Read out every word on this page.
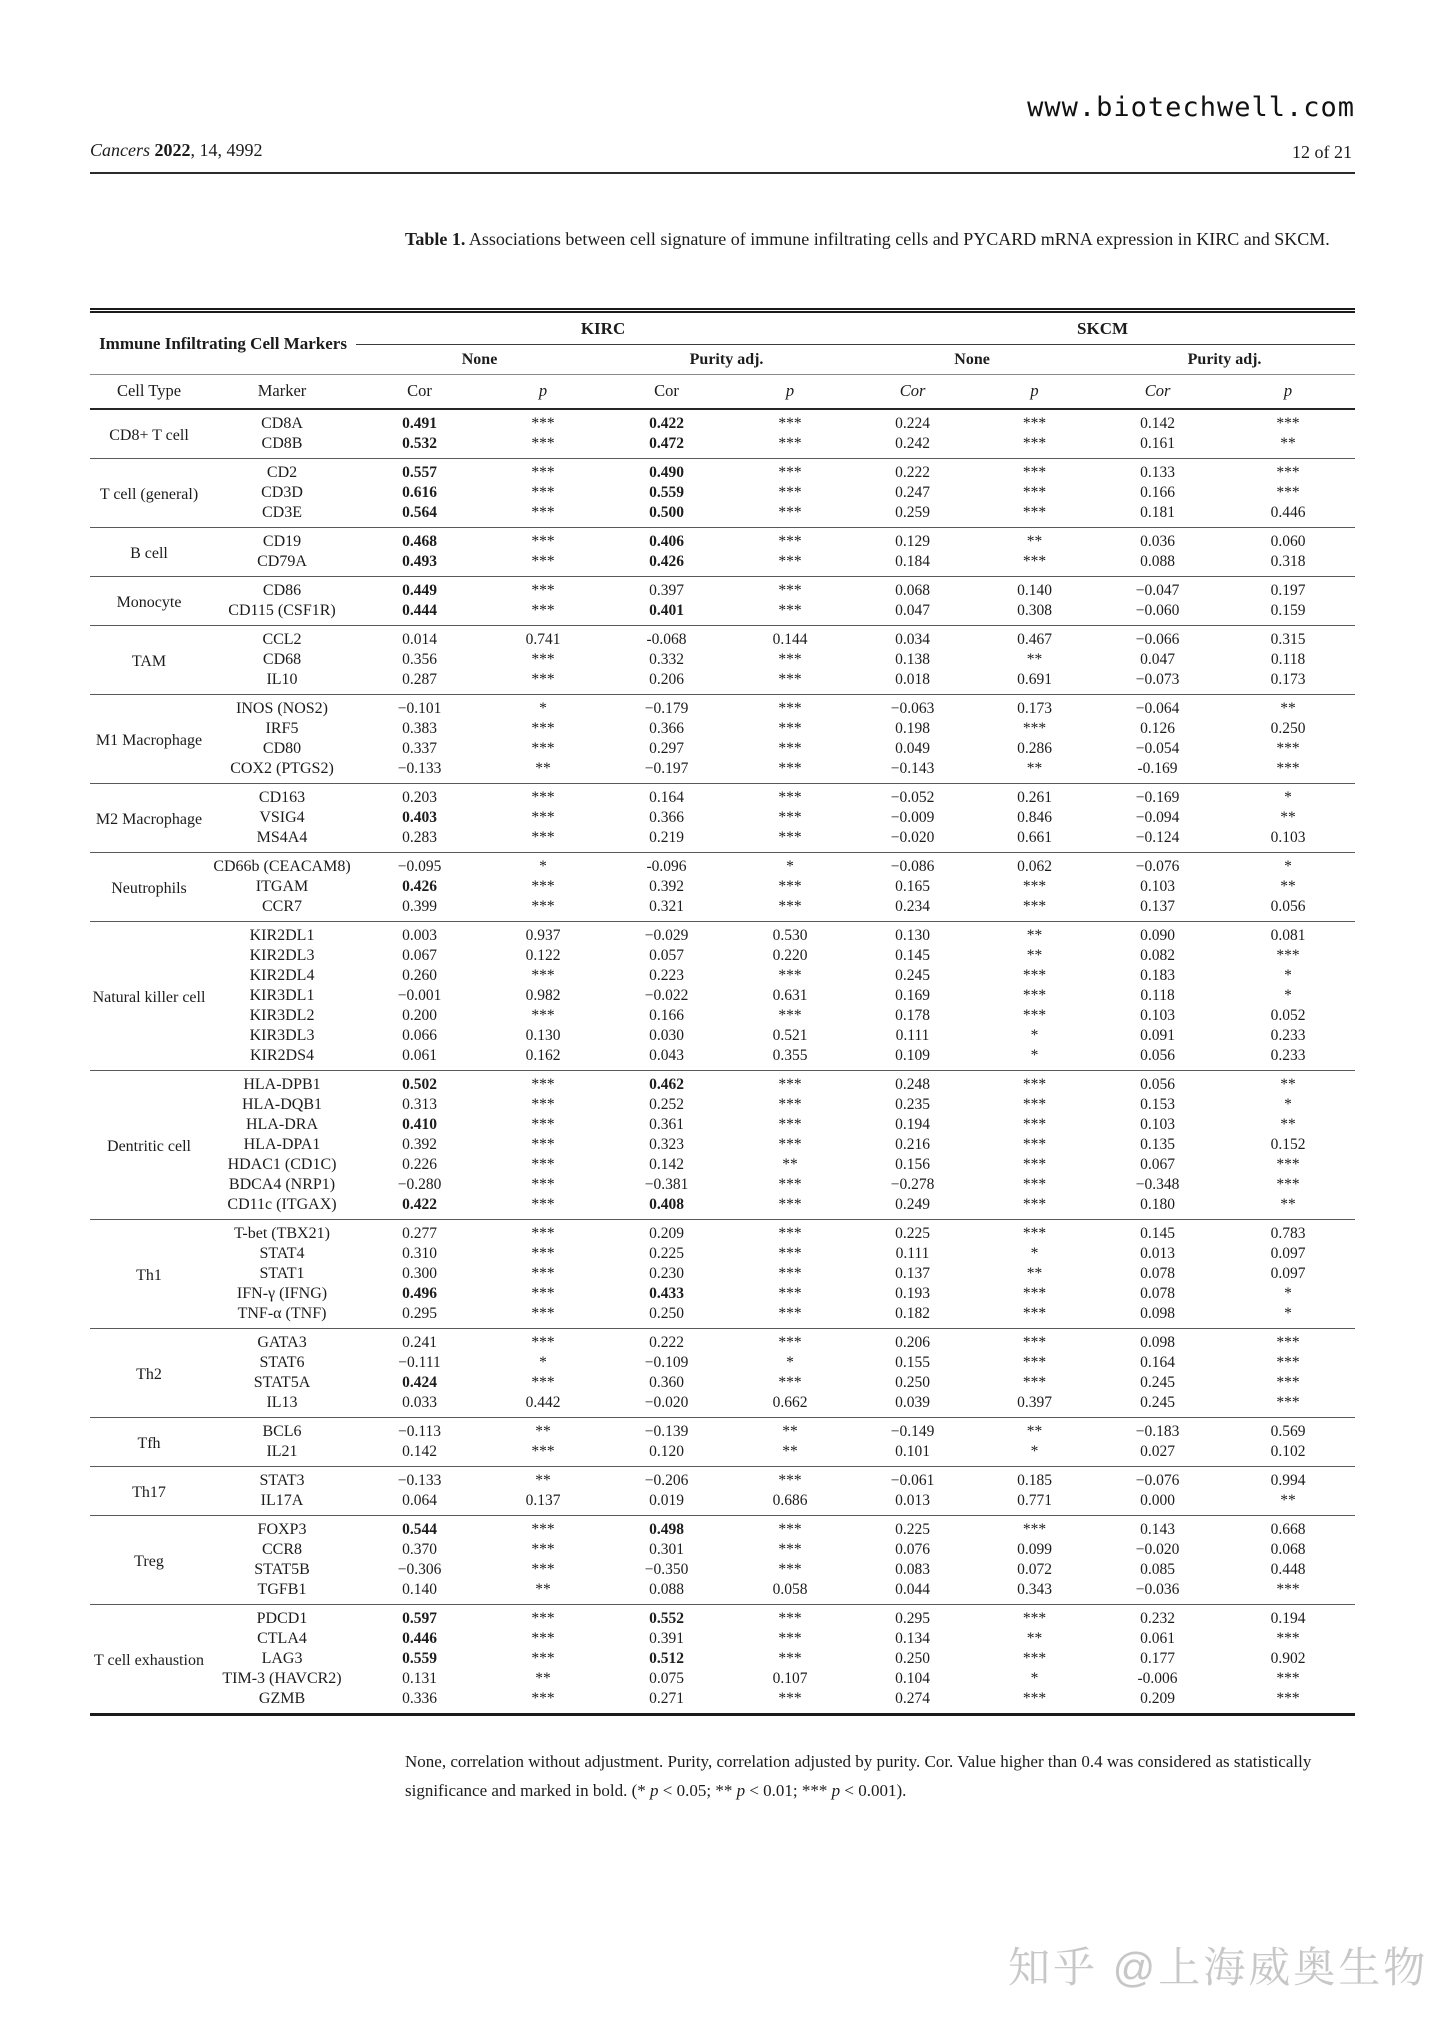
Cancers 2022, 14, 4992
www.biotechwell.com
12 of 21
Table 1. Associations between cell signature of immune infiltrating cells and PYCARD mRNA expression in KIRC and SKCM.
Immune Infiltrating Cell Markers		KIRC				SKCM			
		None		Purity adj.		None		Purity adj.	
Cell Type	Marker	Cor	p	Cor	p	Cor	p	Cor	p
CD8+ T cell	CD8A	0.491	***	0.422	***	0.224	***	0.142	***
	CD8B	0.532	***	0.472	***	0.242	***	0.161	**
T cell (general)	CD2	0.557	***	0.490	***	0.222	***	0.133	***
	CD3D	0.616	***	0.559	***	0.247	***	0.166	***
	CD3E	0.564	***	0.500	***	0.259	***	0.181	0.446
B cell	CD19	0.468	***	0.406	***	0.129	**	0.036	0.060
	CD79A	0.493	***	0.426	***	0.184	***	0.088	0.318
Monocyte	CD86	0.449	***	0.397	***	0.068	0.140	−0.047	0.197
	CD115 (CSF1R)	0.444	***	0.401	***	0.047	0.308	−0.060	0.159
TAM	CCL2	0.014	0.741	-0.068	0.144	0.034	0.467	−0.066	0.315
	CD68	0.356	***	0.332	***	0.138	**	0.047	0.118
	IL10	0.287	***	0.206	***	0.018	0.691	−0.073	0.173
M1 Macrophage	INOS (NOS2)	−0.101	*	−0.179	***	−0.063	0.173	−0.064	**
	IRF5	0.383	***	0.366	***	0.198	***	0.126	0.250
	CD80	0.337	***	0.297	***	0.049	0.286	−0.054	***
	COX2 (PTGS2)	−0.133	**	−0.197	***	−0.143	**	-0.169	***
M2 Macrophage	CD163	0.203	***	0.164	***	−0.052	0.261	−0.169	*
	VSIG4	0.403	***	0.366	***	−0.009	0.846	−0.094	**
	MS4A4	0.283	***	0.219	***	−0.020	0.661	−0.124	0.103
Neutrophils	CD66b (CEACAM8)	−0.095	*	-0.096	*	−0.086	0.062	−0.076	*
	ITGAM	0.426	***	0.392	***	0.165	***	0.103	**
	CCR7	0.399	***	0.321	***	0.234	***	0.137	0.056
Natural killer cell	KIR2DL1	0.003	0.937	−0.029	0.530	0.130	**	0.090	0.081
	KIR2DL3	0.067	0.122	0.057	0.220	0.145	**	0.082	***
	KIR2DL4	0.260	***	0.223	***	0.245	***	0.183	*
	KIR3DL1	−0.001	0.982	−0.022	0.631	0.169	***	0.118	*
	KIR3DL2	0.200	***	0.166	***	0.178	***	0.103	0.052
	KIR3DL3	0.066	0.130	0.030	0.521	0.111	*	0.091	0.233
	KIR2DS4	0.061	0.162	0.043	0.355	0.109	*	0.056	0.233
Dentritic cell	HLA-DPB1	0.502	***	0.462	***	0.248	***	0.056	**
	HLA-DQB1	0.313	***	0.252	***	0.235	***	0.153	*
	HLA-DRA	0.410	***	0.361	***	0.194	***	0.103	**
	HLA-DPA1	0.392	***	0.323	***	0.216	***	0.135	0.152
	HDAC1 (CD1C)	0.226	***	0.142	**	0.156	***	0.067	***
	BDCA4 (NRP1)	−0.280	***	−0.381	***	−0.278	***	−0.348	***
	CD11c (ITGAX)	0.422	***	0.408	***	0.249	***	0.180	**
Th1	T-bet (TBX21)	0.277	***	0.209	***	0.225	***	0.145	0.783
	STAT4	0.310	***	0.225	***	0.111	*	0.013	0.097
	STAT1	0.300	***	0.230	***	0.137	**	0.078	0.097
	IFN-γ (IFNG)	0.496	***	0.433	***	0.193	***	0.078	*
	TNF-α (TNF)	0.295	***	0.250	***	0.182	***	0.098	*
Th2	GATA3	0.241	***	0.222	***	0.206	***	0.098	***
	STAT6	−0.111	*	−0.109	*	0.155	***	0.164	***
	STAT5A	0.424	***	0.360	***	0.250	***	0.245	***
	IL13	0.033	0.442	−0.020	0.662	0.039	0.397	0.245	***
Tfh	BCL6	−0.113	**	−0.139	**	−0.149	**	−0.183	0.569
	IL21	0.142	***	0.120	**	0.101	*	0.027	0.102
Th17	STAT3	−0.133	**	−0.206	***	−0.061	0.185	−0.076	0.994
	IL17A	0.064	0.137	0.019	0.686	0.013	0.771	0.000	**
Treg	FOXP3	0.544	***	0.498	***	0.225	***	0.143	0.668
	CCR8	0.370	***	0.301	***	0.076	0.099	−0.020	0.068
	STAT5B	−0.306	***	−0.350	***	0.083	0.072	0.085	0.448
	TGFB1	0.140	**	0.088	0.058	0.044	0.343	−0.036	***
T cell exhaustion	PDCD1	0.597	***	0.552	***	0.295	***	0.232	0.194
	CTLA4	0.446	***	0.391	***	0.134	**	0.061	***
	LAG3	0.559	***	0.512	***	0.250	***	0.177	0.902
	TIM-3 (HAVCR2)	0.131	**	0.075	0.107	0.104	*	-0.006	***
	GZMB	0.336	***	0.271	***	0.274	***	0.209	***
None, correlation without adjustment. Purity, correlation adjusted by purity. Cor. Value higher than 0.4 was considered as statistically significance and marked in bold. (* p < 0.05; ** p < 0.01; *** p < 0.001).
知乎 @上海威奥生物
